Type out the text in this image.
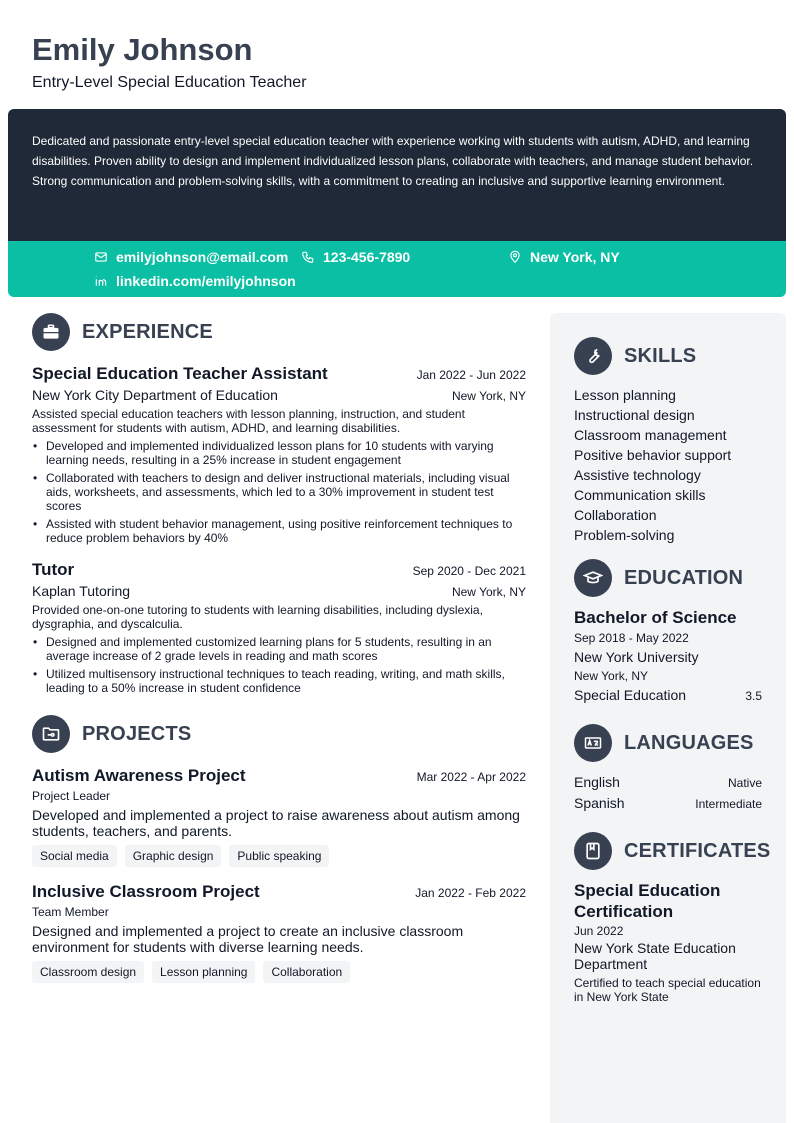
Emily Johnson
Entry-Level Special Education Teacher
Dedicated and passionate entry-level special education teacher with experience working with students with autism, ADHD, and learning disabilities. Proven ability to design and implement individualized lesson plans, collaborate with teachers, and manage student behavior. Strong communication and problem-solving skills, with a commitment to creating an inclusive and supportive learning environment.
emilyjohnson@email.com 123-456-7890	New York, NY
linkedin.com/emilyjohnson
EXPERIENCE
Special Education Teacher Assistant	Jan 2022 - Jun 2022
New York City Department of Education	New York, NY
Assisted special education teachers with lesson planning, instruction, and student assessment for students with autism, ADHD, and learning disabilities.
• Developed and implemented individualized lesson plans for 10 students with varying learning needs, resulting in a 25% increase in student engagement
• Collaborated with teachers to design and deliver instructional materials, including visual aids, worksheets, and assessments, which led to a 30% improvement in student test scores
• Assisted with student behavior management, using positive reinforcement techniques to reduce problem behaviors by 40%
Tutor	Sep 2020 - Dec 2021
Kaplan Tutoring	New York, NY
Provided one-on-one tutoring to students with learning disabilities, including dyslexia, dysgraphia, and dyscalculia.
• Designed and implemented customized learning plans for 5 students, resulting in an average increase of 2 grade levels in reading and math scores
• Utilized multisensory instructional techniques to teach reading, writing, and math skills, leading to a 50% increase in student confidence
PROJECTS
Autism Awareness Project	Mar 2022 - Apr 2022
Project Leader
Developed and implemented a project to raise awareness about autism among students, teachers, and parents.
Social media	Graphic design	Public speaking
Inclusive Classroom Project	Jan 2022 - Feb 2022
Team Member
Designed and implemented a project to create an inclusive classroom environment for students with diverse learning needs.
Classroom design	Lesson planning	Collaboration
SKILLS
Lesson planning
Instructional design
Classroom management
Positive behavior support
Assistive technology
Communication skills
Collaboration
Problem-solving
EDUCATION
Bachelor of Science
Sep 2018 - May 2022
New York University
New York, NY
Special Education	3.5
LANGUAGES
English	Native
Spanish	Intermediate
CERTIFICATES
Special Education Certification
Jun 2022
New York State Education Department
Certified to teach special education in New York State
